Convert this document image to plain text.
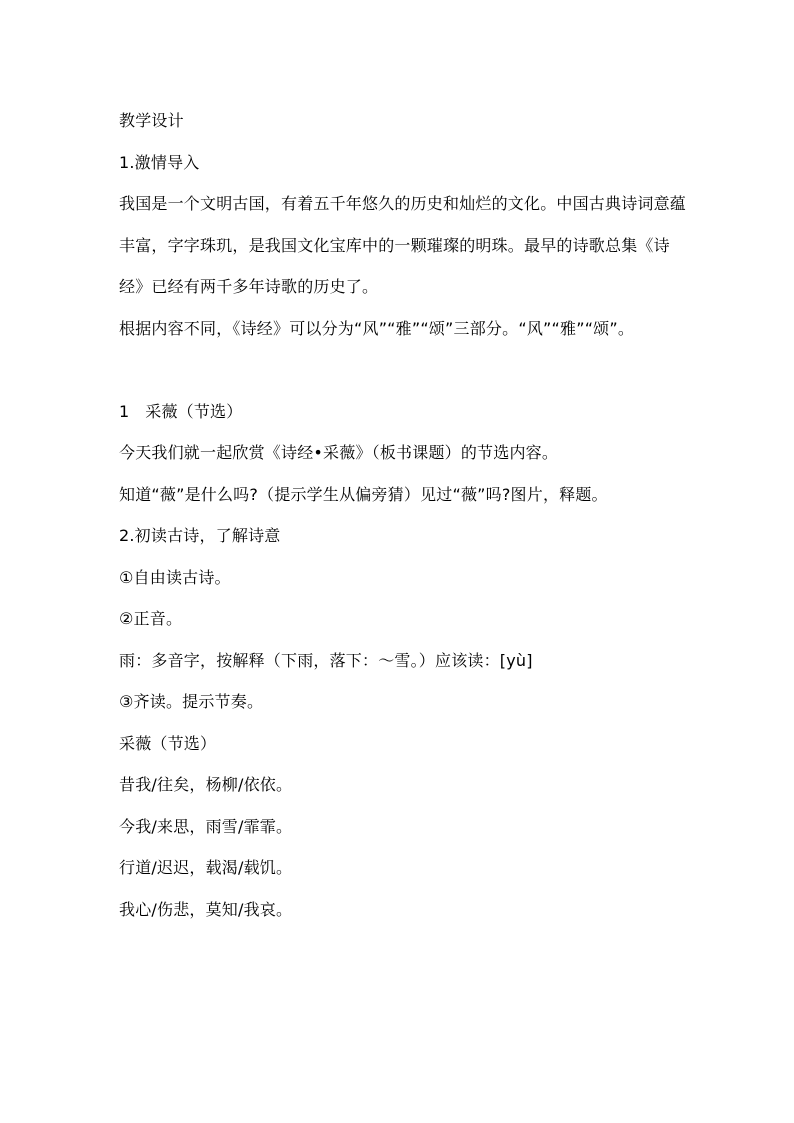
教学设计

1.激情导入

我国是一个文明古国，有着五千年悠久的历史和灿烂的文化。中国古典诗词意蕴丰富，字字珠玑，是我国文化宝库中的一颗璀璨的明珠。最早的诗歌总集《诗经》已经有两千多年诗歌的历史了。

根据内容不同，《诗经》可以分为“风”“雅”“颂”三部分。“风”“雅”“颂”。

1   采薇（节选）

今天我们就一起欣赏《诗经•采薇》（板书课题）的节选内容。

知道“薇”是什么吗?（提示学生从偏旁猜）见过“薇”吗?图片，释题。

2.初读古诗，了解诗意

①自由读古诗。

②正音。

雨：多音字，按解释（下雨，落下：～雪。）应该读：[yù]

③齐读。提示节奏。

采薇（节选）

昔我/往矣，杨柳/依依。

今我/来思，雨雪/霏霏。

行道/迟迟，载渴/载饥。

我心/伤悲，莫知/我哀。
